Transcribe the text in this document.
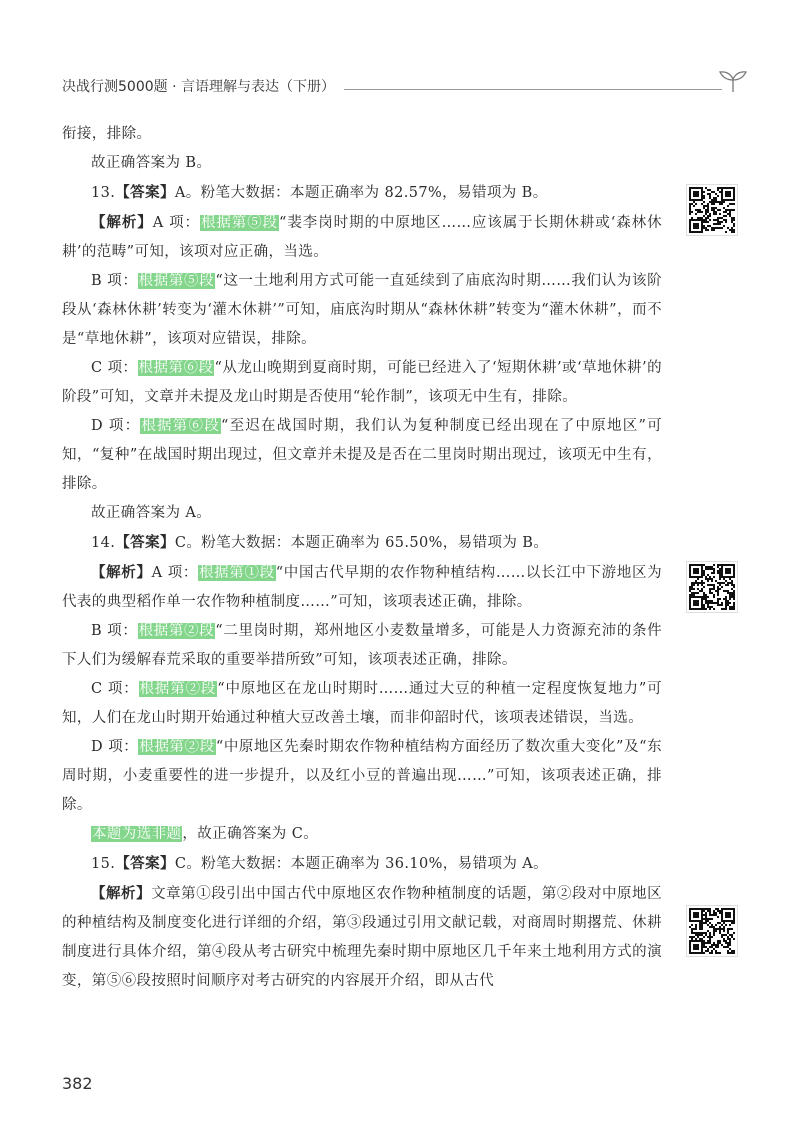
决战行测5000题 · 言语理解与表达（下册）

衔接，排除。

故正确答案为 B。

13.【答案】A。粉笔大数据：本题正确率为 82.57%，易错项为 B。

【解析】A 项：根据第⑤段“裴李岗时期的中原地区……应该属于长期休耕或‘森林休耕’的范畴”可知，该项对应正确，当选。

B 项：根据第⑤段“这一土地利用方式可能一直延续到了庙底沟时期……我们认为该阶段从‘森林休耕’转变为‘灌木休耕’”可知，庙底沟时期从“森林休耕”转变为“灌木休耕”，而不是“草地休耕”，该项对应错误，排除。

C 项：根据第⑥段“从龙山晚期到夏商时期，可能已经进入了‘短期休耕’或‘草地休耕’的阶段”可知，文章并未提及龙山时期是否使用“轮作制”，该项无中生有，排除。

D 项：根据第⑥段“至迟在战国时期，我们认为复种制度已经出现在了中原地区”可知，“复种”在战国时期出现过，但文章并未提及是否在二里岗时期出现过，该项无中生有，排除。

故正确答案为 A。

14.【答案】C。粉笔大数据：本题正确率为 65.50%，易错项为 B。

【解析】A 项：根据第①段“中国古代早期的农作物种植结构……以长江中下游地区为代表的典型稻作单一农作物种植制度……”可知，该项表述正确，排除。

B 项：根据第②段“二里岗时期，郑州地区小麦数量增多，可能是人力资源充沛的条件下人们为缓解春荒采取的重要举措所致”可知，该项表述正确，排除。

C 项：根据第②段“中原地区在龙山时期时……通过大豆的种植一定程度恢复地力”可知，人们在龙山时期开始通过种植大豆改善土壤，而非仰韶时代，该项表述错误，当选。

D 项：根据第②段“中原地区先秦时期农作物种植结构方面经历了数次重大变化”及“东周时期，小麦重要性的进一步提升，以及红小豆的普遍出现……”可知，该项表述正确，排除。

本题为选非题，故正确答案为 C。

15.【答案】C。粉笔大数据：本题正确率为 36.10%，易错项为 A。

【解析】文章第①段引出中国古代中原地区农作物种植制度的话题，第②段对中原地区的种植结构及制度变化进行详细的介绍，第③段通过引用文献记载，对商周时期撂荒、休耕制度进行具体介绍，第④段从考古研究中梳理先秦时期中原地区几千年来土地利用方式的演变，第⑤⑥段按照时间顺序对考古研究的内容展开介绍，即从古代

382
